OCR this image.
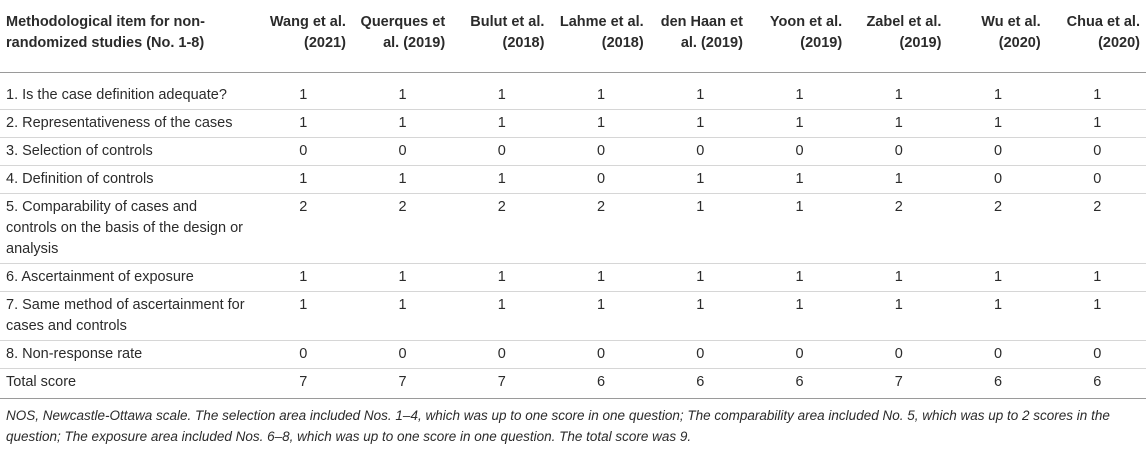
Methodological item for non-randomized studies (No. 1-8)	Wang et al. (2021)	Querques et al. (2019)	Bulut et al. (2018)	Lahme et al. (2018)	den Haan et al. (2019)	Yoon et al. (2019)	Zabel et al. (2019)	Wu et al. (2020)	Chua et al. (2020)
1. Is the case definition adequate?	1	1	1	1	1	1	1	1	1
2. Representativeness of the cases	1	1	1	1	1	1	1	1	1
3. Selection of controls	0	0	0	0	0	0	0	0	0
4. Definition of controls	1	1	1	0	1	1	1	0	0
5. Comparability of cases and controls on the basis of the design or analysis	2	2	2	2	1	1	2	2	2
6. Ascertainment of exposure	1	1	1	1	1	1	1	1	1
7. Same method of ascertainment for cases and controls	1	1	1	1	1	1	1	1	1
8. Non-response rate	0	0	0	0	0	0	0	0	0
Total score	7	7	7	6	6	6	7	6	6
NOS, Newcastle-Ottawa scale. The selection area included Nos. 1–4, which was up to one score in one question; The comparability area included No. 5, which was up to 2 scores in the question; The exposure area included Nos. 6–8, which was up to one score in one question. The total score was 9.
